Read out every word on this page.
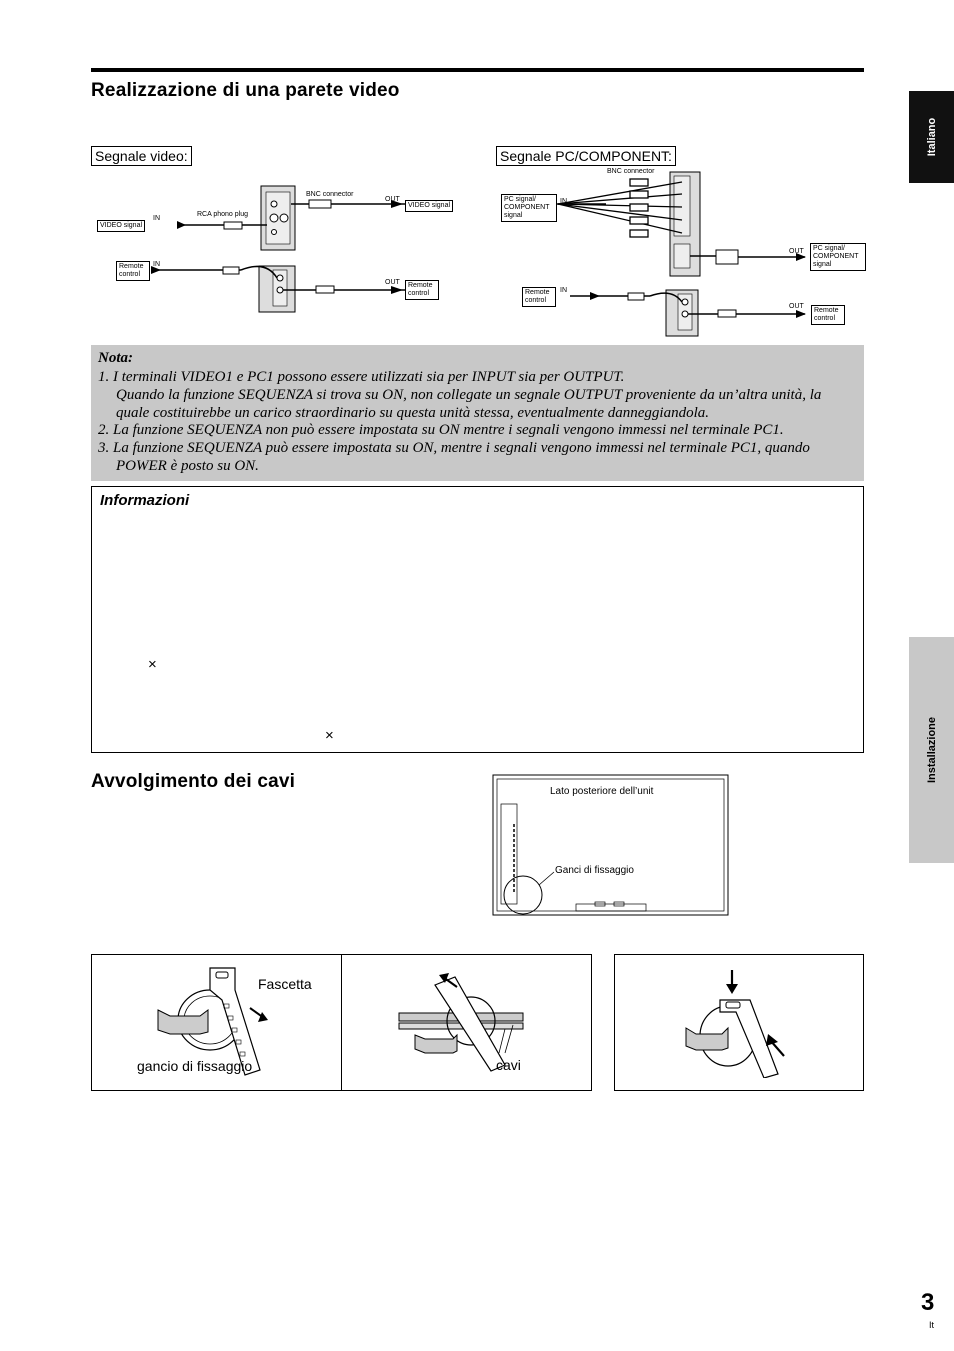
Italiano
Installazione
Realizzazione di una parete video
Segnale video:
BNC connector
RCA phono plug
IN
OUT
VIDEO signal
VIDEO signal
IN
OUT
Remote control
Remote control
Segnale PC/COMPONENT:
BNC connector
IN
PC signal/ COMPONENT signal
OUT	PC signal/ COMPONENT signal
IN
Remote control
OUT
Remote control
Nota:
1. I terminali VIDEO1 e PC1 possono essere utilizzati sia per INPUT sia per OUTPUT.
Quando la funzione SEQUENZA si trova su ON, non collegate un segnale OUTPUT proveniente da un’altra unità, la quale costituirebbe un carico straordinario su questa unità stessa, eventualmente danneggiandola.
2. La funzione SEQUENZA non può essere impostata su ON mentre i segnali vengono immessi nel terminale PC1.
3. La funzione SEQUENZA può essere impostata su ON, mentre i segnali vengono immessi nel terminale PC1, quando
POWER è posto su ON.
Informazioni
×
×
Avvolgimento dei cavi	Lato posteriore dell’unit
Ganci di fissaggio
Fascetta
gancio di fissaggio	cavi
3
It
